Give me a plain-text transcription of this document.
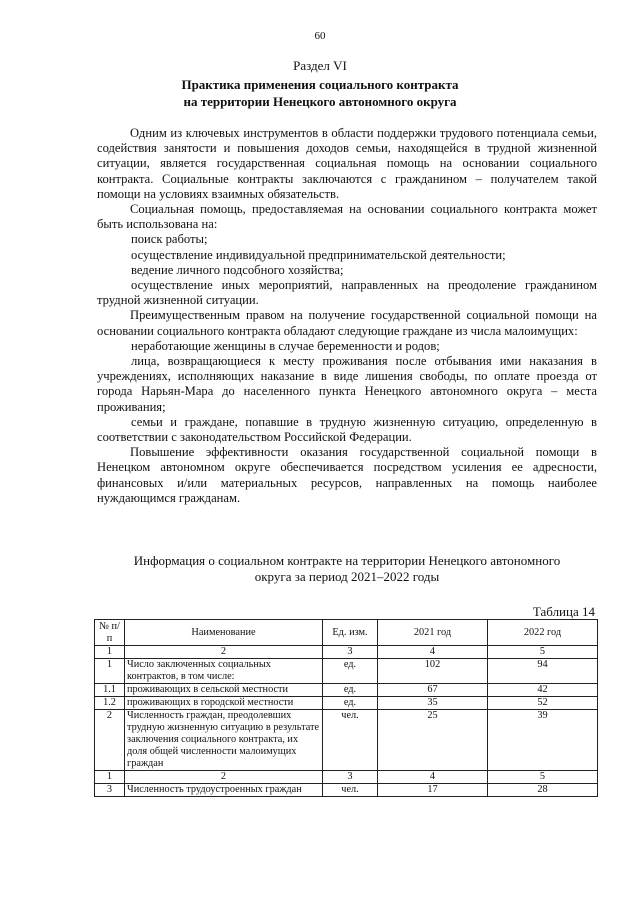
60
Раздел VI
Практика применения социального контракта
на территории Ненецкого автономного округа

Одним из ключевых инструментов в области поддержки трудового потенциала семьи, содействия занятости и повышения доходов семьи, находящейся в трудной жизненной ситуации, является государственная социальная помощь на основании социального контракта. Социальные контракты заключаются с гражданином – получателем такой помощи на условиях взаимных обязательств.

Социальная помощь, предоставляемая на основании социального контракта может быть использована на:

поиск работы;

осуществление индивидуальной предпринимательской деятельности;

ведение личного подсобного хозяйства;

осуществление иных мероприятий, направленных на преодоление гражданином трудной жизненной ситуации.

Преимущественным правом на получение государственной социальной помощи на основании социального контракта обладают следующие граждане из числа малоимущих:

неработающие женщины в случае беременности и родов;

лица, возвращающиеся к месту проживания после отбывания ими наказания в учреждениях, исполняющих наказание в виде лишения свободы, по оплате проезда от города Нарьян-Мара до населенного пункта Ненецкого автономного округа – места проживания;

семьи и граждане, попавшие в трудную жизненную ситуацию, определенную в соответствии с законодательством Российской Федерации.

Повышение эффективности оказания государственной социальной помощи в Ненецком автономном округе обеспечивается посредством усиления ее адресности, финансовых и/или материальных ресурсов, направленных на помощь наиболее нуждающимся гражданам.

Информация о социальном контракте на территории Ненецкого автономного
округа за период 2021–2022 годы
Таблица 14
№ п/п	Наименование	Ед. изм.	2021 год	2022 год
1	2	3	4	5
1	Число заключенных социальных контрактов, в том числе:	ед.	102	94
1.1	проживающих в сельской местности	ед.	67	42
1.2	проживающих в городской местности	ед.	35	52
2	Численность граждан, преодолевших трудную жизненную ситуацию в результате заключения социального контракта, их доля общей численности малоимущих граждан	чел.	25	39
1	2	3	4	5
3	Численность трудоустроенных граждан	чел.	17	28
